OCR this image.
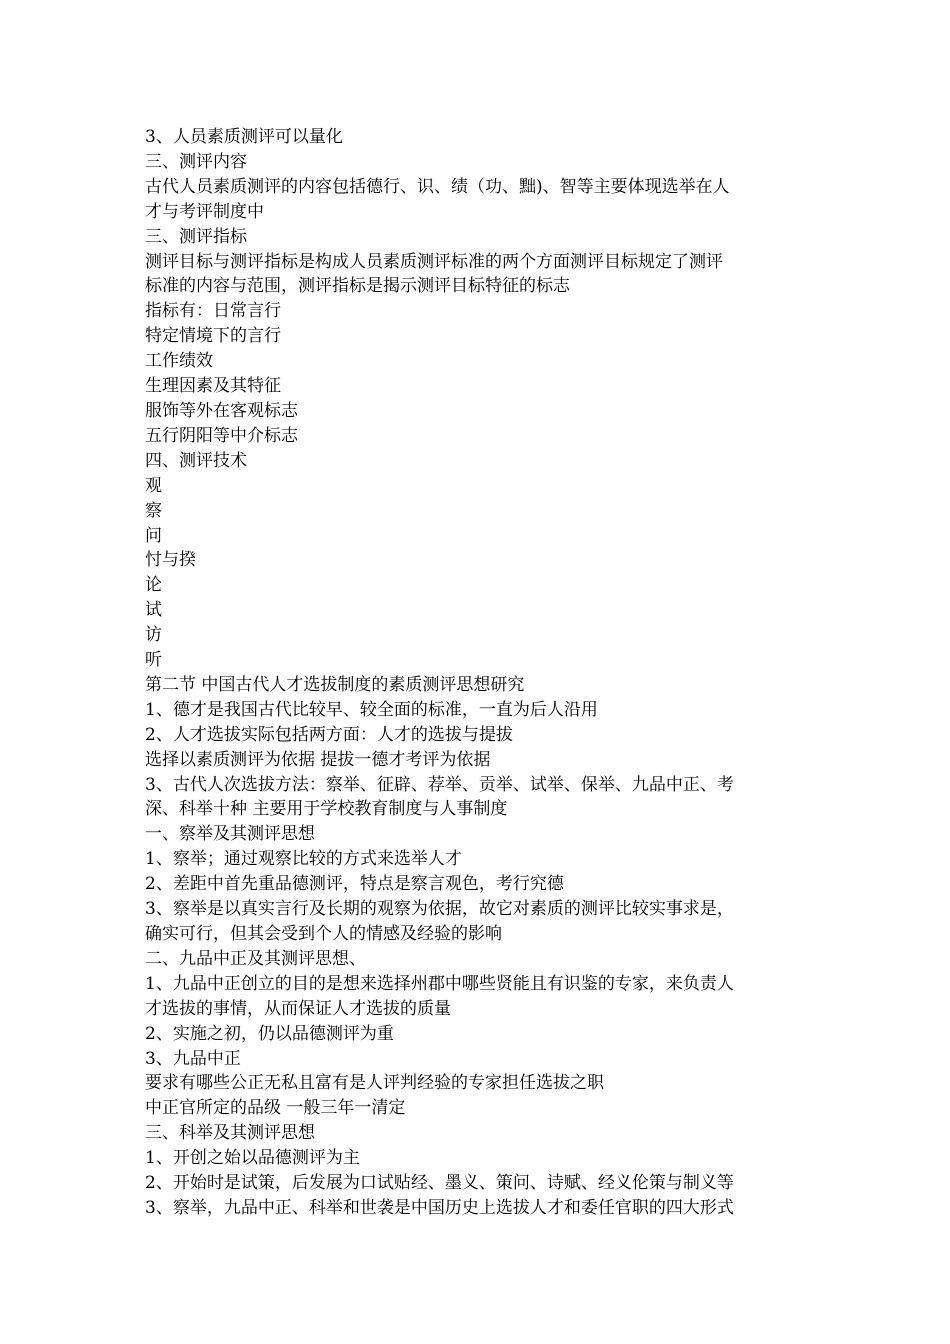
3、人员素质测评可以量化
三、测评内容
古代人员素质测评的内容包括德行、识、绩（功、黜)、智等主要体现选举在人
才与考评制度中
三、测评指标
测评目标与测评指标是构成人员素质测评标准的两个方面测评目标规定了测评
标准的内容与范围，测评指标是揭示测评目标特征的标志
指标有：日常言行
特定情境下的言行
工作绩效
生理因素及其特征
服饰等外在客观标志
五行阴阳等中介标志
四、测评技术
观
察
问
忖与揆
论
试
访
听
第二节 中国古代人才选拔制度的素质测评思想研究
1、德才是我国古代比较早、较全面的标准，一直为后人沿用
2、人才选拔实际包括两方面：人才的选拔与提拔
选择以素质测评为依据 提拔一德才考评为依据
3、古代人次选拔方法：察举、征辟、荐举、贡举、试举、保举、九品中正、考
深、科举十种 主要用于学校教育制度与人事制度
一、察举及其测评思想
1、察举；通过观察比较的方式来选举人才
2、差距中首先重品德测评，特点是察言观色，考行究德
3、察举是以真实言行及长期的观察为依据，故它对素质的测评比较实事求是，
确实可行，但其会受到个人的情感及经验的影响
二、九品中正及其测评思想、
1、九品中正创立的目的是想来选择州郡中哪些贤能且有识鉴的专家，来负责人
才选拔的事情，从而保证人才选拔的质量
2、实施之初，仍以品德测评为重
3、九品中正
要求有哪些公正无私且富有是人评判经验的专家担任选拔之职
中正官所定的品级 一般三年一清定
三、科举及其测评思想
1、开创之始以品德测评为主
2、开始时是试策，后发展为口试贴经、墨义、策问、诗赋、经义伦策与制义等
3、察举，九品中正、科举和世袭是中国历史上选拔人才和委任官职的四大形式
